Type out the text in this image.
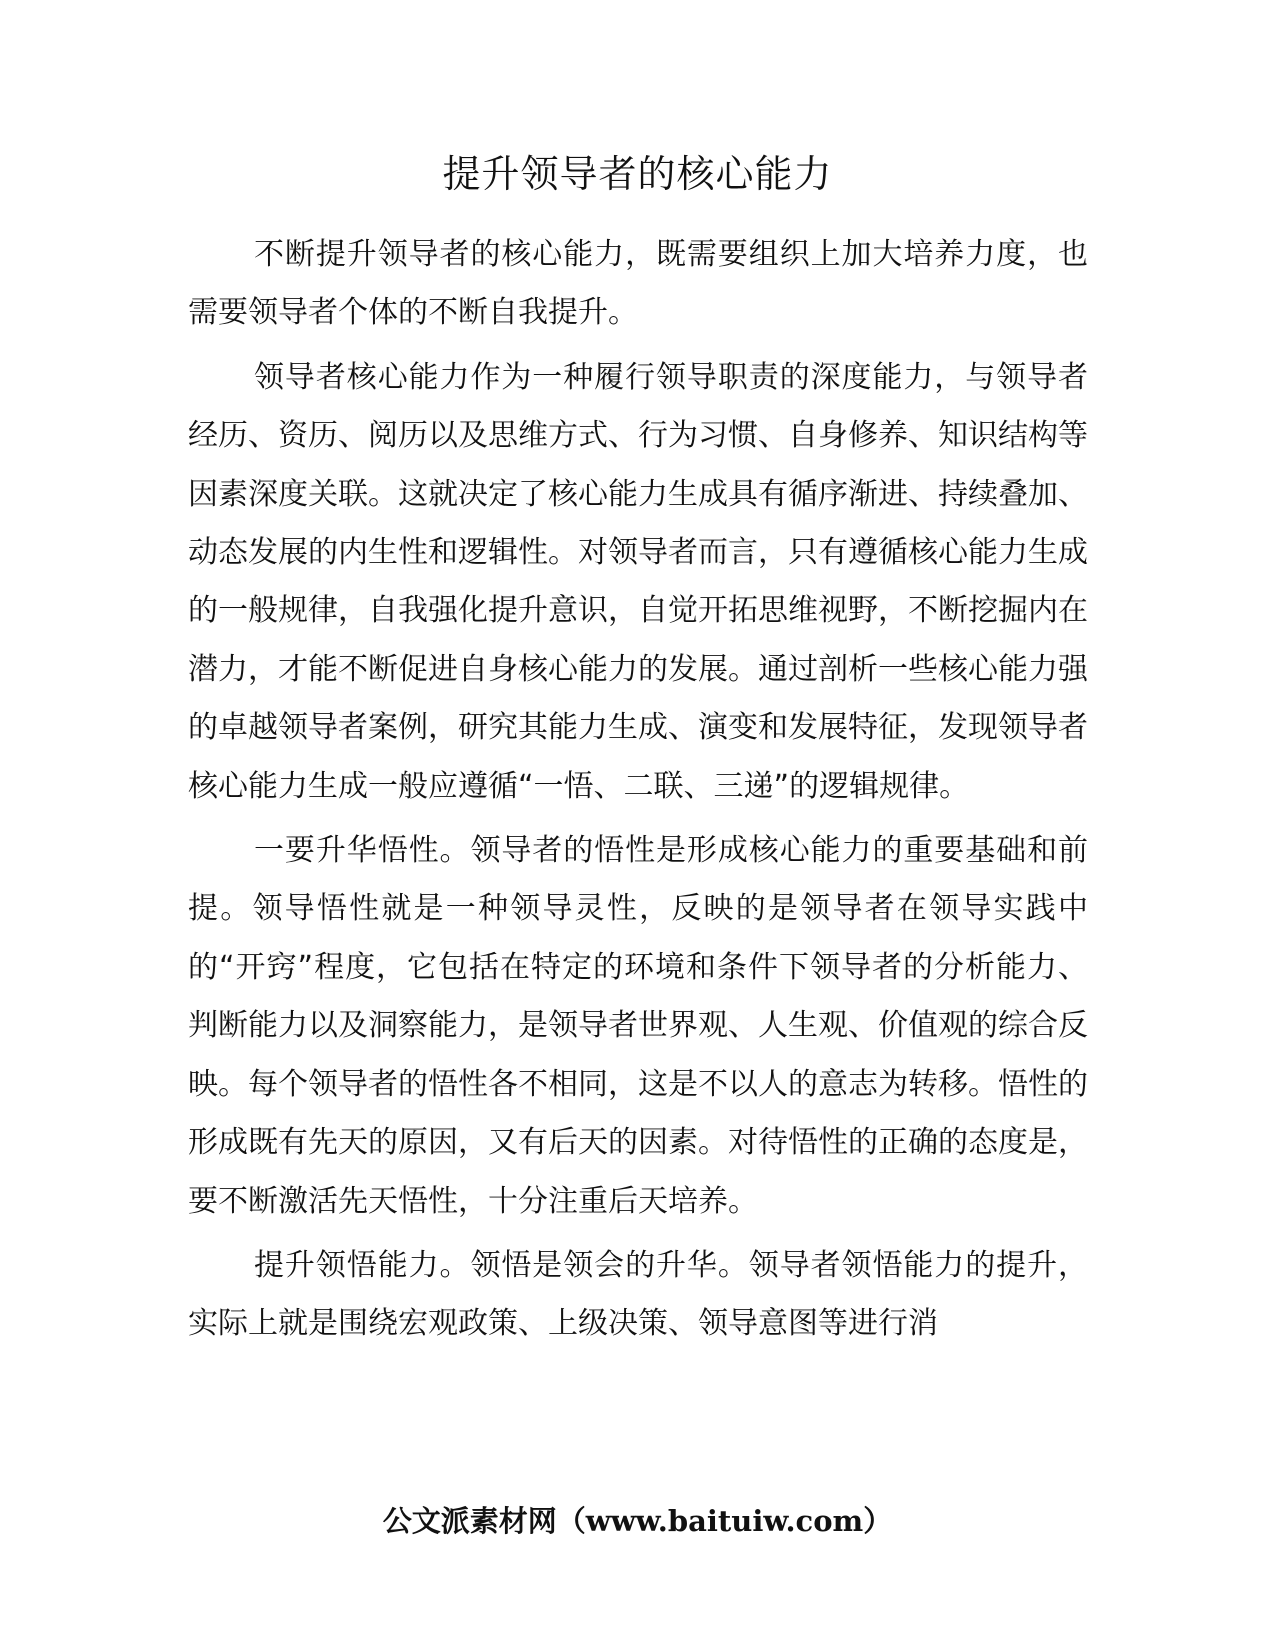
提升领导者的核心能力

不断提升领导者的核心能力，既需要组织上加大培养力度，也需要领导者个体的不断自我提升。

领导者核心能力作为一种履行领导职责的深度能力，与领导者经历、资历、阅历以及思维方式、行为习惯、自身修养、知识结构等因素深度关联。这就决定了核心能力生成具有循序渐进、持续叠加、动态发展的内生性和逻辑性。对领导者而言，只有遵循核心能力生成的一般规律，自我强化提升意识，自觉开拓思维视野，不断挖掘内在潜力，才能不断促进自身核心能力的发展。通过剖析一些核心能力强的卓越领导者案例，研究其能力生成、演变和发展特征，发现领导者核心能力生成一般应遵循“一悟、二联、三递”的逻辑规律。

一要升华悟性。领导者的悟性是形成核心能力的重要基础和前提。领导悟性就是一种领导灵性，反映的是领导者在领导实践中的“开窍”程度，它包括在特定的环境和条件下领导者的分析能力、判断能力以及洞察能力，是领导者世界观、人生观、价值观的综合反映。每个领导者的悟性各不相同，这是不以人的意志为转移。悟性的形成既有先天的原因，又有后天的因素。对待悟性的正确的态度是，要不断激活先天悟性，十分注重后天培养。

提升领悟能力。领悟是领会的升华。领导者领悟能力的提升，实际上就是围绕宏观政策、上级决策、领导意图等进行消

公文派素材网（www.baituiw.com）
